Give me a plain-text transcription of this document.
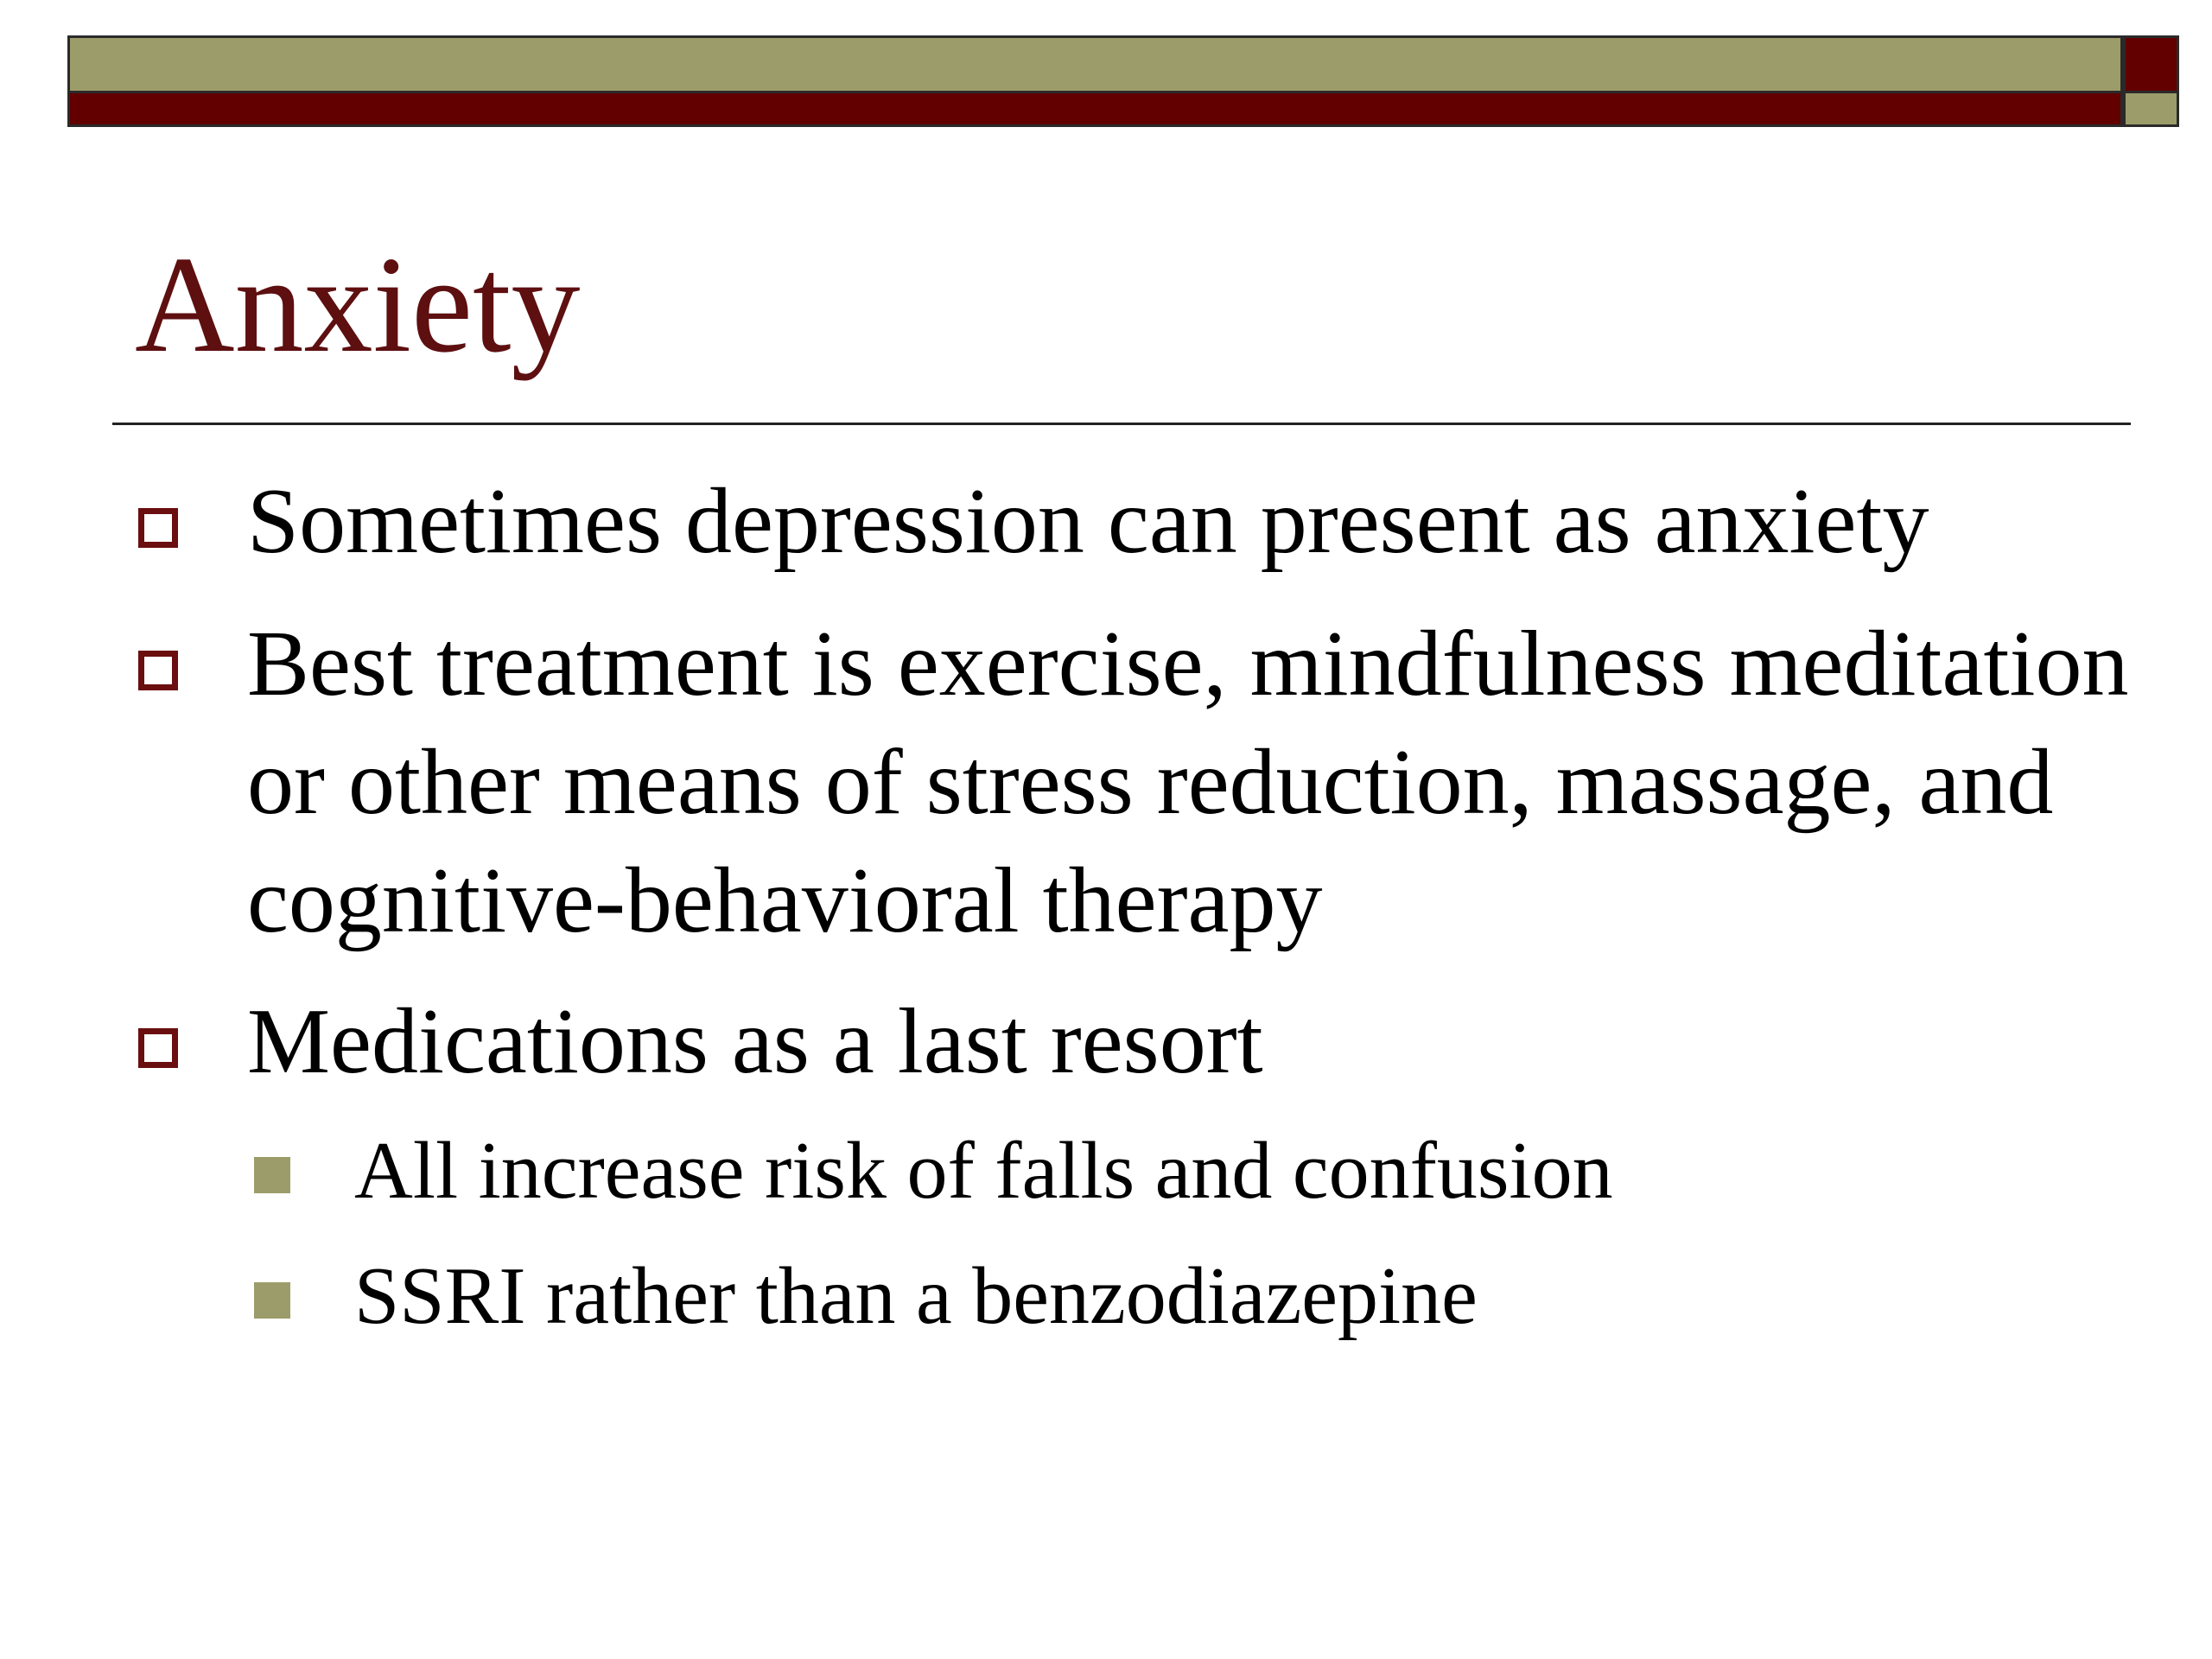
Anxiety
Sometimes depression can present as anxiety
Best treatment is exercise, mindfulness meditation or other means of stress reduction, massage, and cognitive-behavioral therapy
Medications as a last resort
All increase risk of falls and confusion
SSRI rather than a benzodiazepine
